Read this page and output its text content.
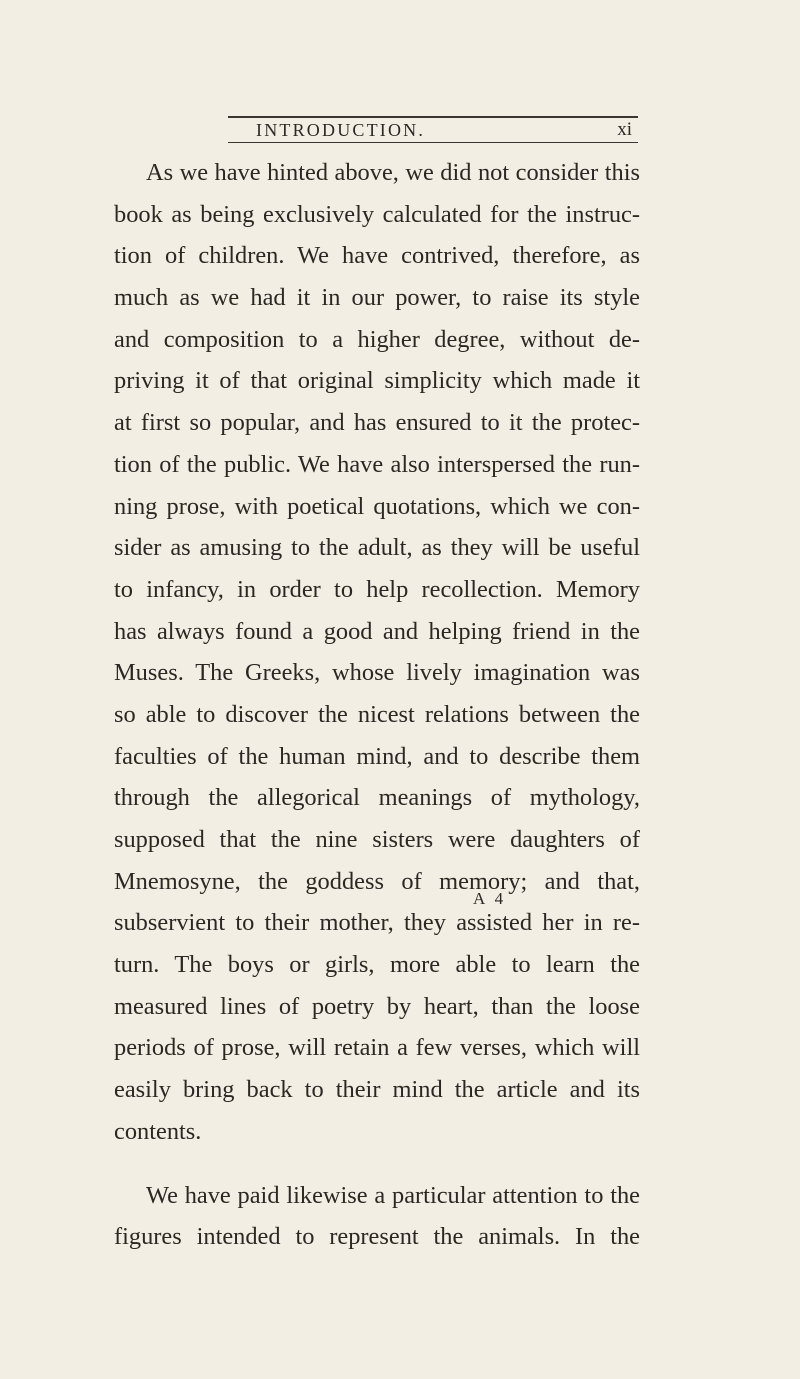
INTRODUCTION.	xi
As we have hinted above, we did not consider this
book as being exclusively calculated for the instruc-
tion of children. We have contrived, therefore, as
much as we had it in our power, to raise its style
and composition to a higher degree, without de-
priving it of that original simplicity which made it
at first so popular, and has ensured to it the protec-
tion of the public. We have also interspersed the run-
ning prose, with poetical quotations, which we con-
sider as amusing to the adult, as they will be useful
to infancy, in order to help recollection. Memory
has always found a good and helping friend in the
Muses. The Greeks, whose lively imagination was
so able to discover the nicest relations between the
faculties of the human mind, and to describe them
through the allegorical meanings of mythology,
supposed that the nine sisters were daughters of
Mnemosyne, the goddess of memory; and that,
subservient to their mother, they assisted her in re-
turn. The boys or girls, more able to learn the
measured lines of poetry by heart, than the loose
periods of prose, will retain a few verses, which will
easily bring back to their mind the article and its
contents.
We have paid likewise a particular attention to the
figures intended to represent the animals. In the
A 4
